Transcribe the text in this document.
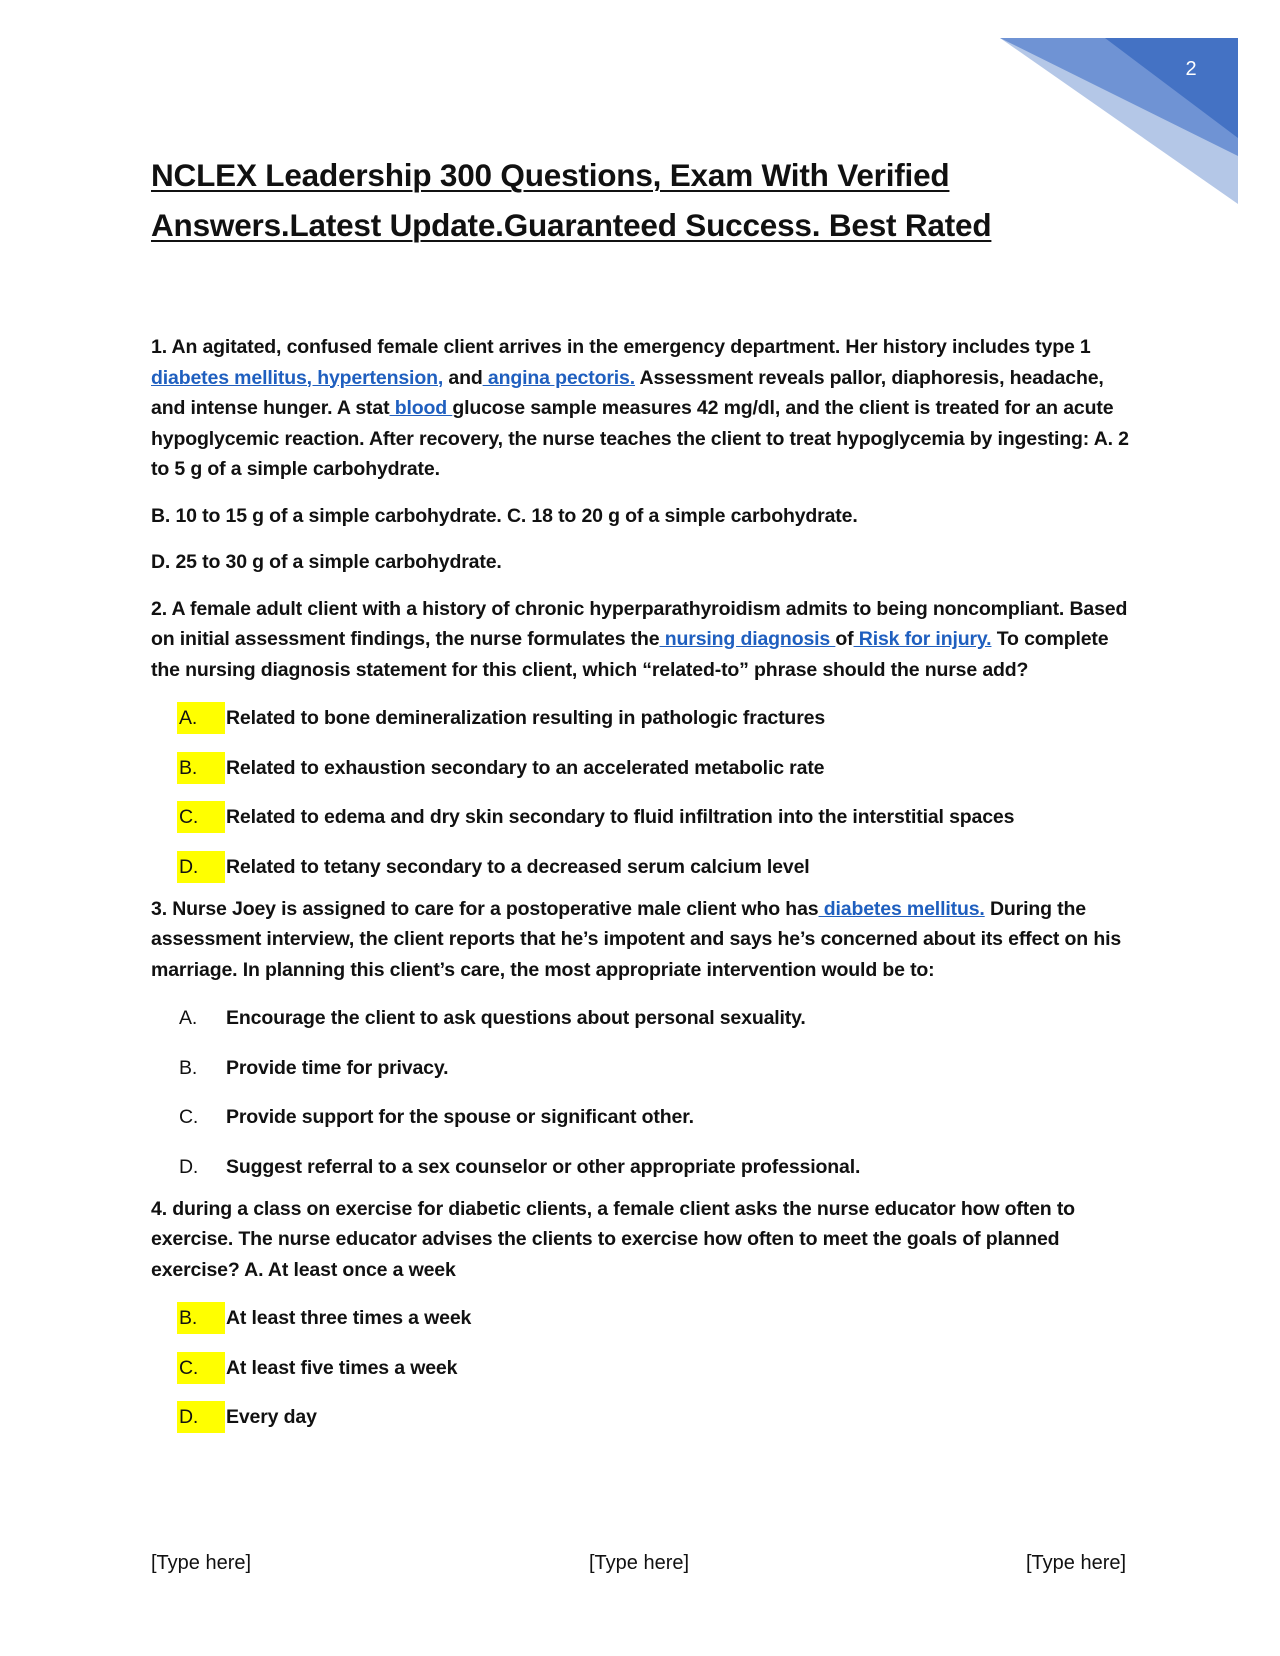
2
NCLEX Leadership 300 Questions, Exam With Verified
Answers.Latest Update.Guaranteed Success. Best Rated

1. An agitated, confused female client arrives in the emergency department. Her history includes type 1 diabetes mellitus, hypertension, and angina pectoris. Assessment reveals pallor, diaphoresis, headache, and intense hunger. A stat blood glucose sample measures 42 mg/dl, and the client is treated for an acute hypoglycemic reaction. After recovery, the nurse teaches the client to treat hypoglycemia by ingesting: A. 2 to 5 g of a simple carbohydrate.

B. 10 to 15 g of a simple carbohydrate. C. 18 to 20 g of a simple carbohydrate.

D. 25 to 30 g of a simple carbohydrate.

2. A female adult client with a history of chronic hyperparathyroidism admits to being noncompliant. Based on initial assessment findings, the nurse formulates the nursing diagnosis of Risk for injury. To complete the nursing diagnosis statement for this client, which “related-to” phrase should the nurse add?

A.	Related to bone demineralization resulting in pathologic fractures
B.	Related to exhaustion secondary to an accelerated metabolic rate
C.	Related to edema and dry skin secondary to fluid infiltration into the interstitial spaces
D.	Related to tetany secondary to a decreased serum calcium level

3. Nurse Joey is assigned to care for a postoperative male client who has diabetes mellitus. During the assessment interview, the client reports that he’s impotent and says he’s concerned about its effect on his marriage. In planning this client’s care, the most appropriate intervention would be to:

A.	Encourage the client to ask questions about personal sexuality.
B.	Provide time for privacy.
C.	Provide support for the spouse or significant other.
D.	Suggest referral to a sex counselor or other appropriate professional.

4. during a class on exercise for diabetic clients, a female client asks the nurse educator how often to exercise. The nurse educator advises the clients to exercise how often to meet the goals of planned exercise? A. At least once a week

B.	At least three times a week
C.	At least five times a week
D.	Every day
[Type here]	[Type here]	[Type here]
